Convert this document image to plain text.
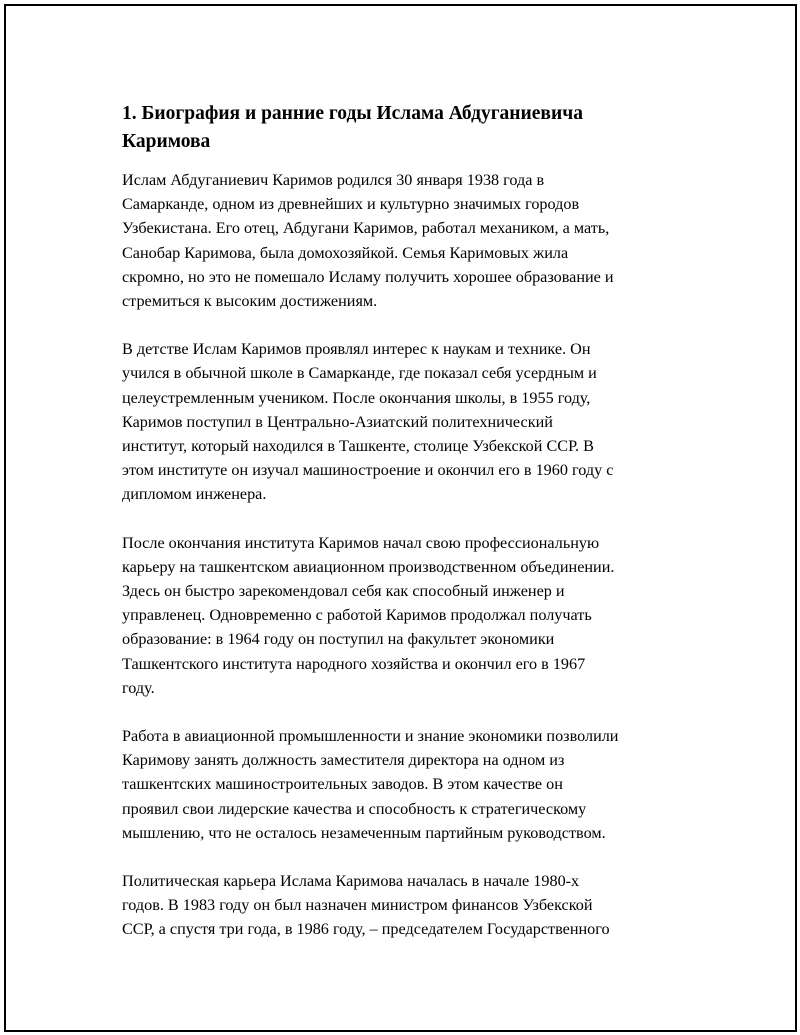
1. Биография и ранние годы Ислама Абдуганиевича
Каримова

Ислам Абдуганиевич Каримов родился 30 января 1938 года в
Самарканде, одном из древнейших и культурно значимых городов
Узбекистана. Его отец, Абдугани Каримов, работал механиком, а мать,
Санобар Каримова, была домохозяйкой. Семья Каримовых жила
скромно, но это не помешало Исламу получить хорошее образование и
стремиться к высоким достижениям.

В детстве Ислам Каримов проявлял интерес к наукам и технике. Он
учился в обычной школе в Самарканде, где показал себя усердным и
целеустремленным учеником. После окончания школы, в 1955 году,
Каримов поступил в Центрально-Азиатский политехнический
институт, который находился в Ташкенте, столице Узбекской ССР. В
этом институте он изучал машиностроение и окончил его в 1960 году с
дипломом инженера.

После окончания института Каримов начал свою профессиональную
карьеру на ташкентском авиационном производственном объединении.
Здесь он быстро зарекомендовал себя как способный инженер и
управленец. Одновременно с работой Каримов продолжал получать
образование: в 1964 году он поступил на факультет экономики
Ташкентского института народного хозяйства и окончил его в 1967
году.

Работа в авиационной промышленности и знание экономики позволили
Каримову занять должность заместителя директора на одном из
ташкентских машиностроительных заводов. В этом качестве он
проявил свои лидерские качества и способность к стратегическому
мышлению, что не осталось незамеченным партийным руководством.

Политическая карьера Ислама Каримова началась в начале 1980-х
годов. В 1983 году он был назначен министром финансов Узбекской
ССР, а спустя три года, в 1986 году, – председателем Государственного
